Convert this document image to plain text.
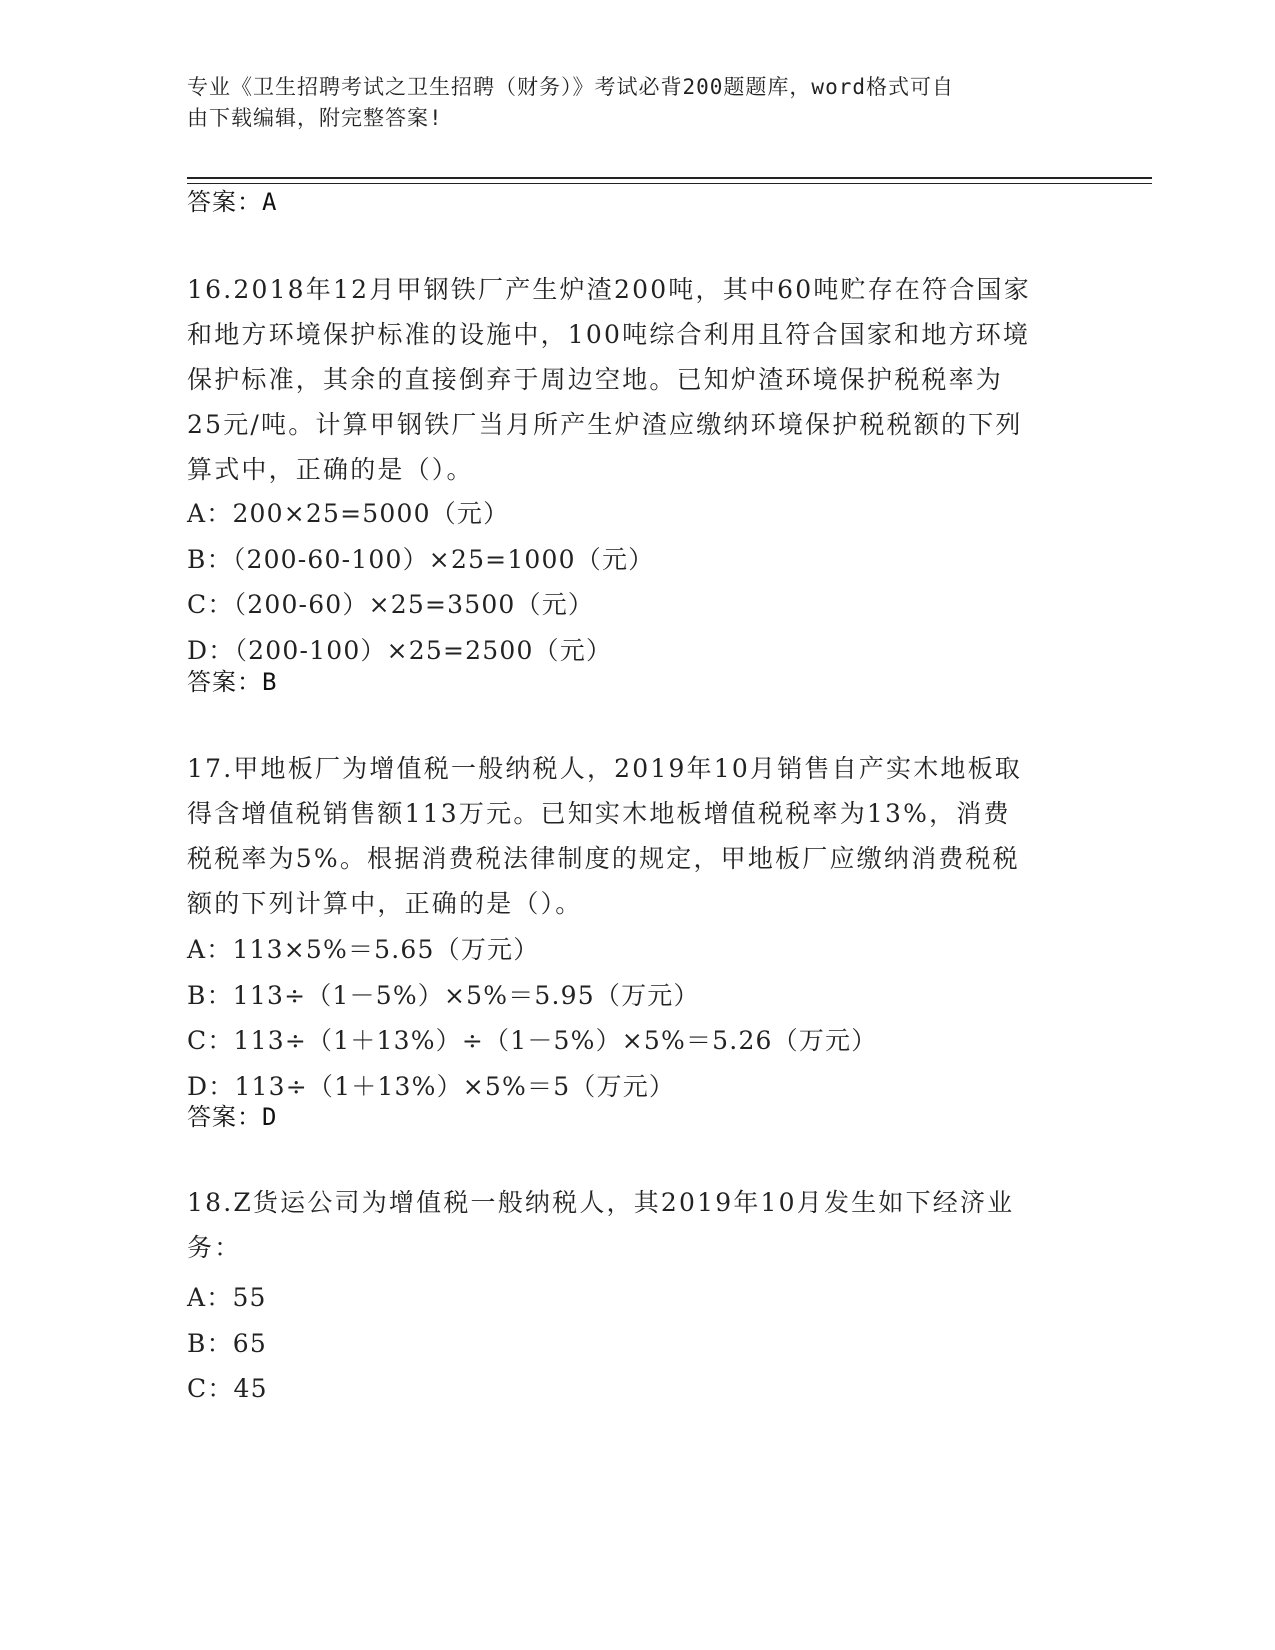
专业《卫生招聘考试之卫生招聘（财务）》考试必背200题题库，word格式可自
由下载编辑，附完整答案!
答案：A

16.2018年12月甲钢铁厂产生炉渣200吨，其中60吨贮存在符合国家

和地方环境保护标准的设施中，100吨综合利用且符合国家和地方环境

保护标准，其余的直接倒弃于周边空地。已知炉渣环境保护税税率为

25元/吨。计算甲钢铁厂当月所产生炉渣应缴纳环境保护税税额的下列

算式中，正确的是（）。

A：200×25=5000（元）

B：（200-60-100）×25=1000（元）

C：（200-60）×25=3500（元）

D：（200-100）×25=2500（元）

答案：B

17.甲地板厂为增值税一般纳税人，2019年10月销售自产实木地板取

得含增值税销售额113万元。已知实木地板增值税税率为13%，消费

税税率为5%。根据消费税法律制度的规定，甲地板厂应缴纳消费税税

额的下列计算中，正确的是（）。

A：113×5%＝5.65（万元）

B：113÷（1－5%）×5%＝5.95（万元）

C：113÷（1＋13%）÷（1－5%）×5%＝5.26（万元）

D：113÷（1＋13%）×5%＝5（万元）

答案：D

18.Z货运公司为增值税一般纳税人，其2019年10月发生如下经济业

务：

A：55

B：65

C：45
